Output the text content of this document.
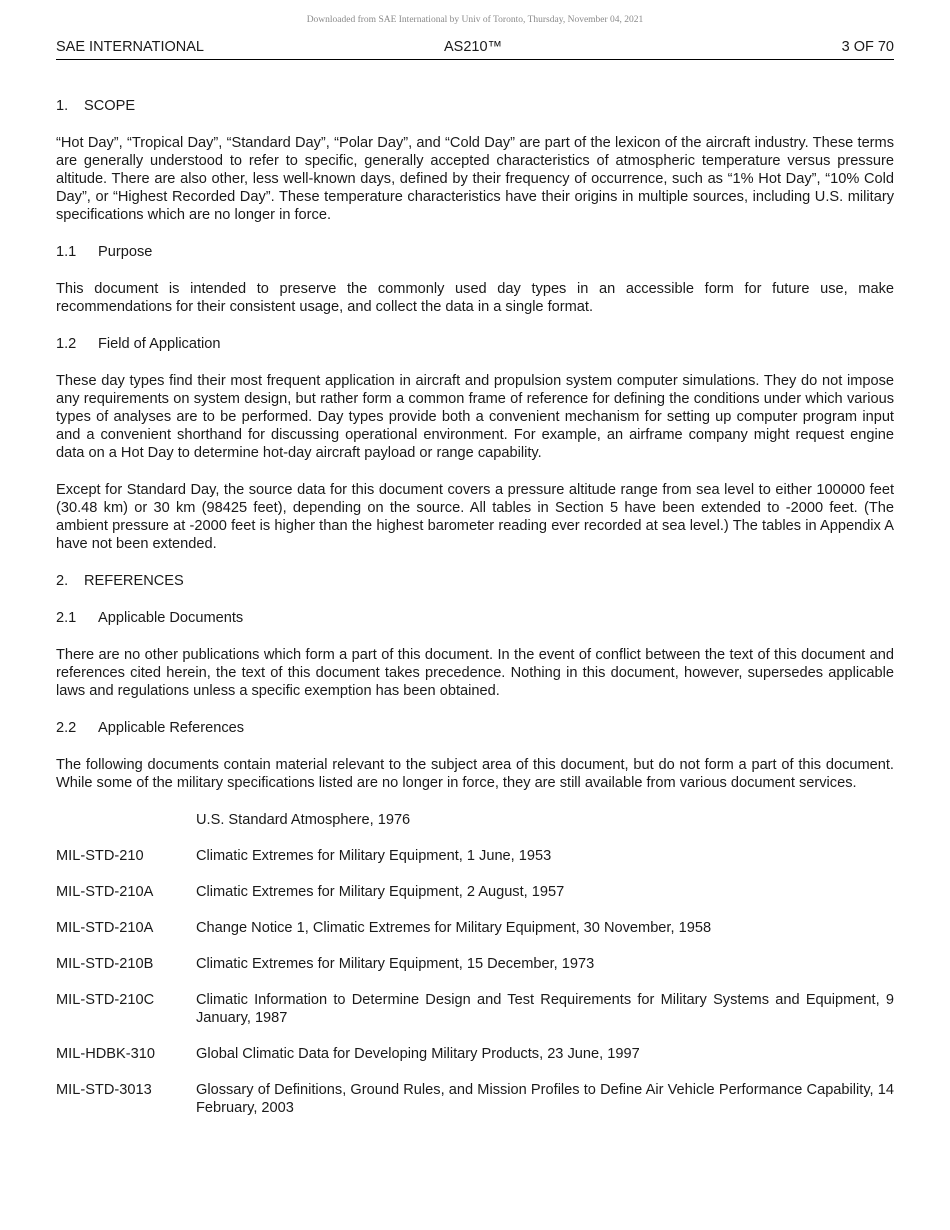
Downloaded from SAE International by Univ of Toronto, Thursday, November 04, 2021
SAE INTERNATIONAL	AS210™	3 OF 70
1. SCOPE

“Hot Day”, “Tropical Day”, “Standard Day”, “Polar Day”, and “Cold Day” are part of the lexicon of the aircraft industry. These terms are generally understood to refer to specific, generally accepted characteristics of atmospheric temperature versus pressure altitude. There are also other, less well-known days, defined by their frequency of occurrence, such as “1% Hot Day”, “10% Cold Day”, or “Highest Recorded Day”. These temperature characteristics have their origins in multiple sources, including U.S. military specifications which are no longer in force.

1.1 Purpose

This document is intended to preserve the commonly used day types in an accessible form for future use, make recommendations for their consistent usage, and collect the data in a single format.

1.2 Field of Application

These day types find their most frequent application in aircraft and propulsion system computer simulations. They do not impose any requirements on system design, but rather form a common frame of reference for defining the conditions under which various types of analyses are to be performed. Day types provide both a convenient mechanism for setting up computer program input and a convenient shorthand for discussing operational environment. For example, an airframe company might request engine data on a Hot Day to determine hot-day aircraft payload or range capability.

Except for Standard Day, the source data for this document covers a pressure altitude range from sea level to either 100000 feet (30.48 km) or 30 km (98425 feet), depending on the source. All tables in Section 5 have been extended to -2000 feet. (The ambient pressure at -2000 feet is higher than the highest barometer reading ever recorded at sea level.) The tables in Appendix A have not been extended.

2. REFERENCES
2.1 Applicable Documents

There are no other publications which form a part of this document. In the event of conflict between the text of this document and references cited herein, the text of this document takes precedence. Nothing in this document, however, supersedes applicable laws and regulations unless a specific exemption has been obtained.

2.2 Applicable References

The following documents contain material relevant to the subject area of this document, but do not form a part of this document. While some of the military specifications listed are no longer in force, they are still available from various document services.

U.S. Standard Atmosphere, 1976
MIL-STD-210	Climatic Extremes for Military Equipment, 1 June, 1953
MIL-STD-210A	Climatic Extremes for Military Equipment, 2 August, 1957
MIL-STD-210A	Change Notice 1, Climatic Extremes for Military Equipment, 30 November, 1958
MIL-STD-210B	Climatic Extremes for Military Equipment, 15 December, 1973
MIL-STD-210C	Climatic Information to Determine Design and Test Requirements for Military Systems and Equipment, 9 January, 1987
MIL-HDBK-310	Global Climatic Data for Developing Military Products, 23 June, 1997
MIL-STD-3013	Glossary of Definitions, Ground Rules, and Mission Profiles to Define Air Vehicle Performance Capability, 14 February, 2003
